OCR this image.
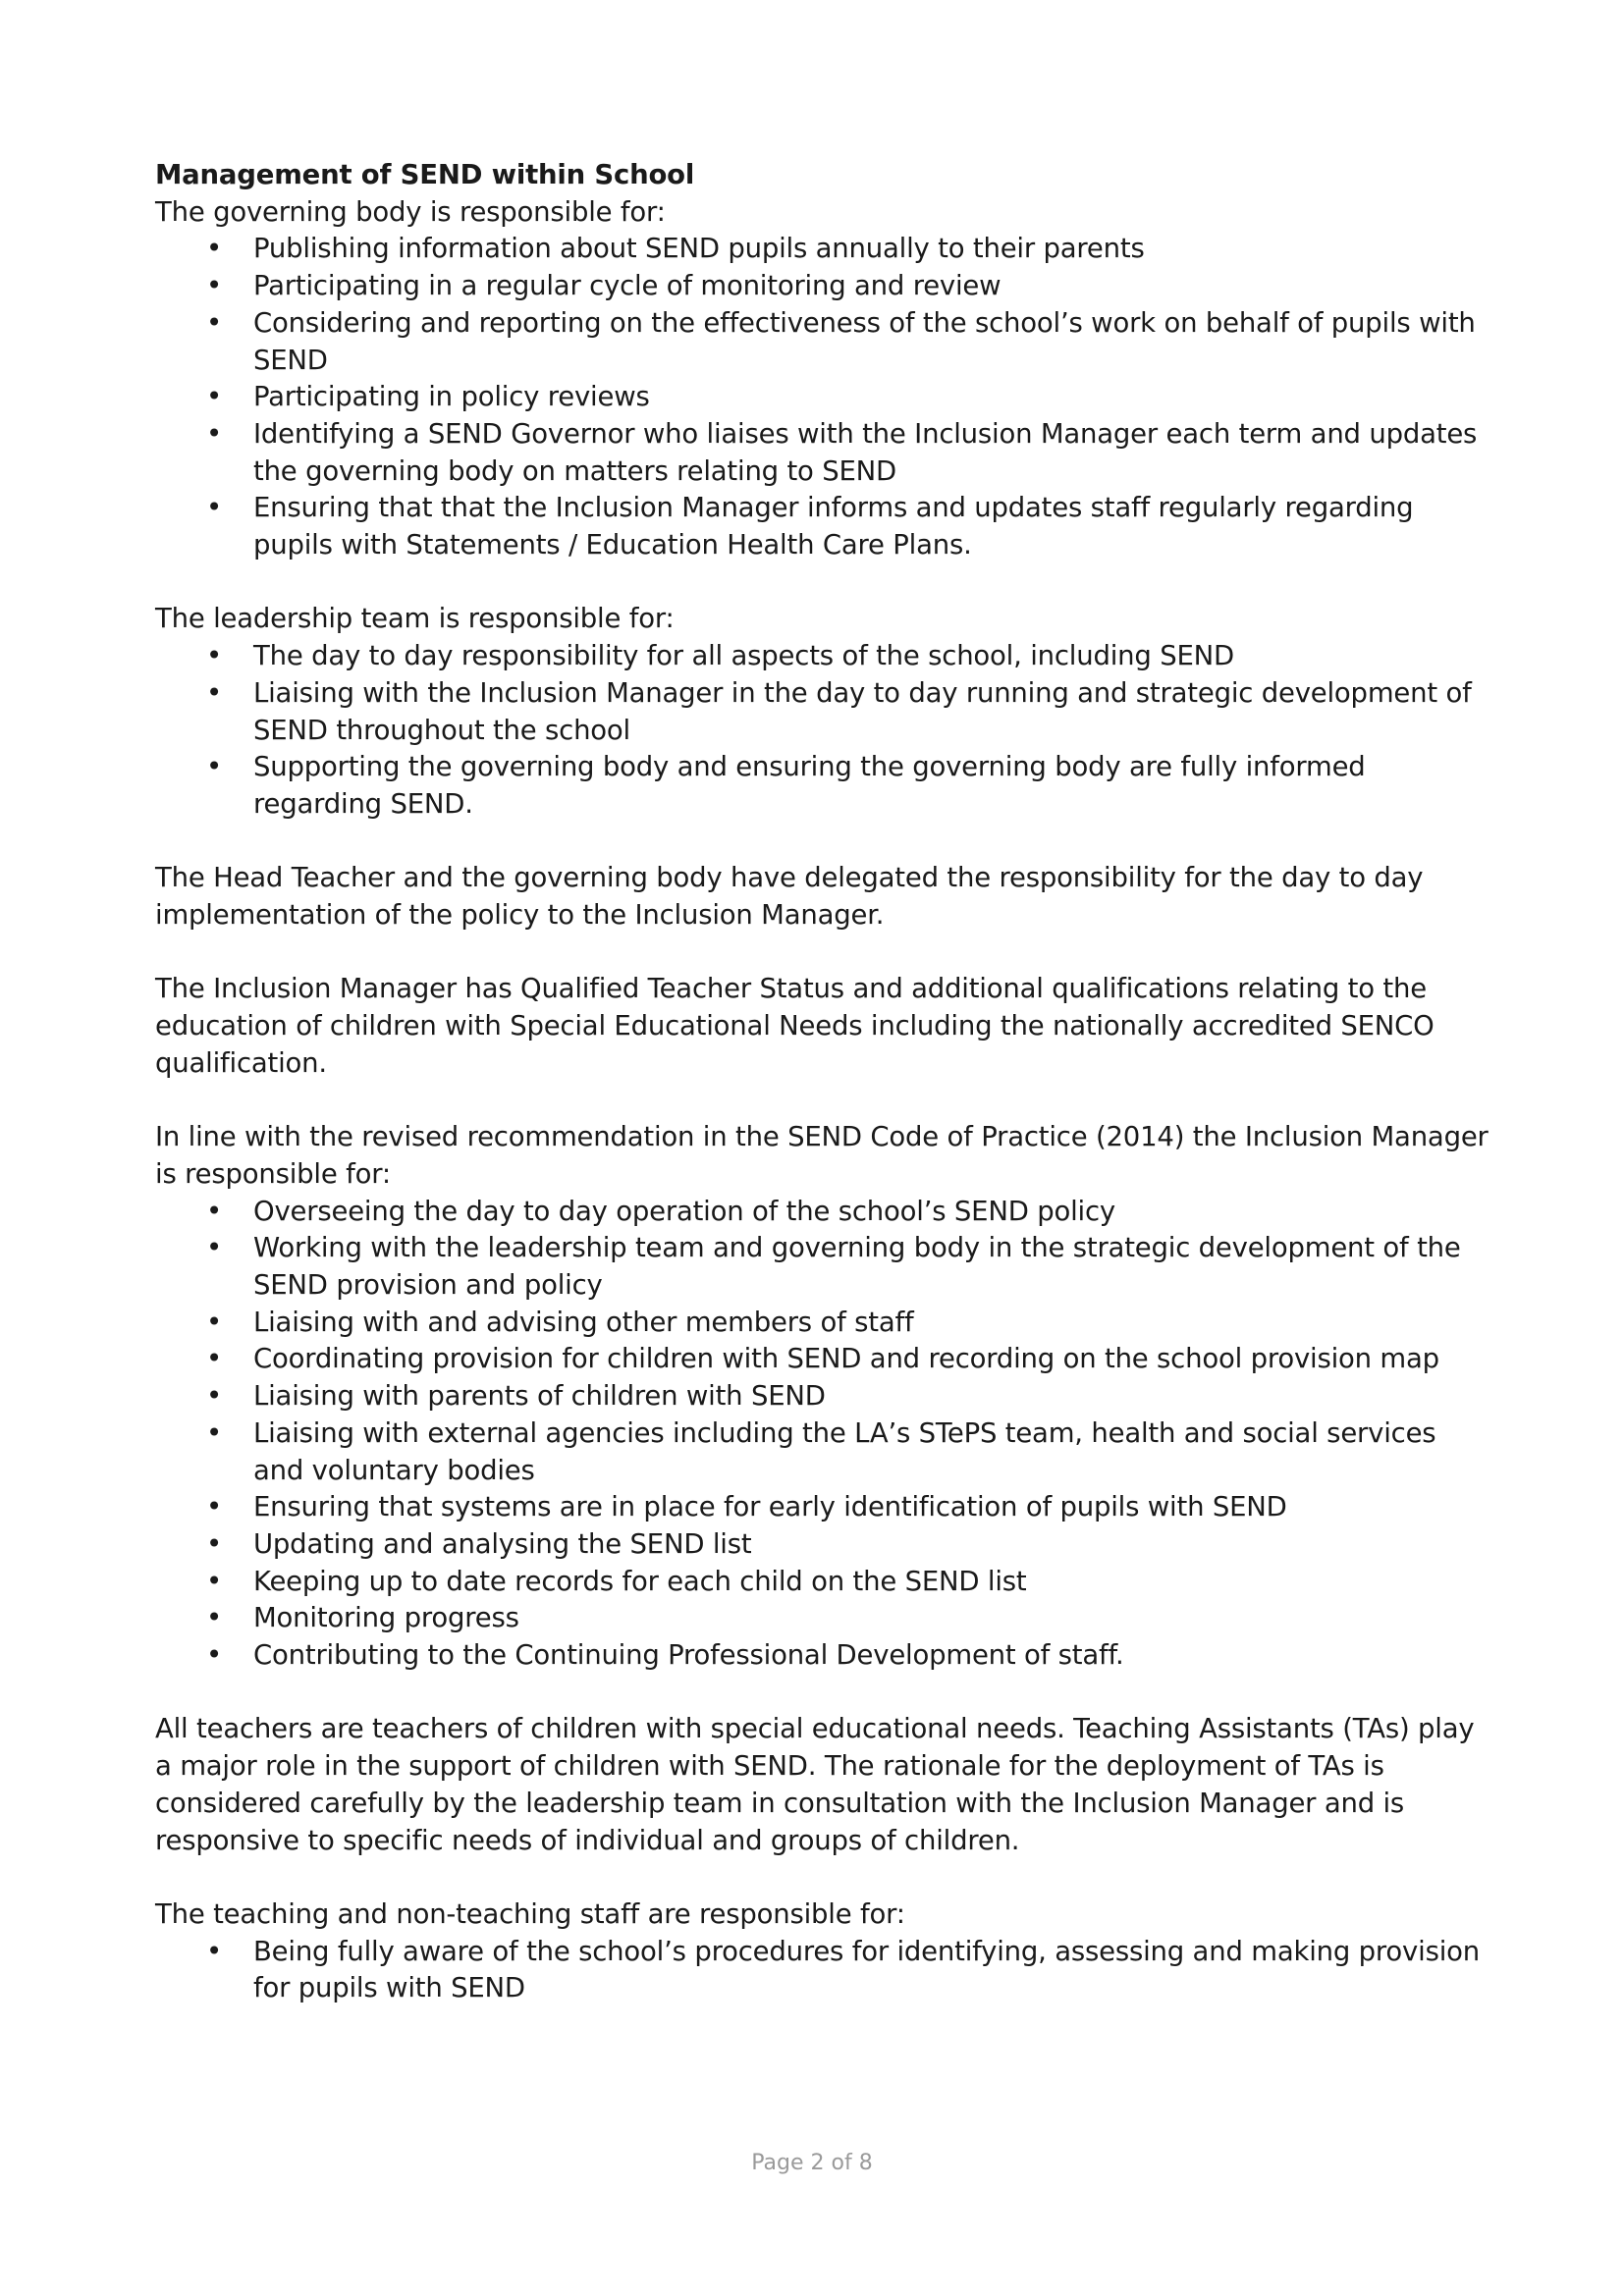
Management of SEND within School

The governing body is responsible for:

• Publishing information about SEND pupils annually to their parents
• Participating in a regular cycle of monitoring and review
• Considering and reporting on the effectiveness of the school’s work on behalf of pupils with SEND
• Participating in policy reviews
• Identifying a SEND Governor who liaises with the Inclusion Manager each term and updates the governing body on matters relating to SEND
• Ensuring that that the Inclusion Manager informs and updates staff regularly regarding pupils with Statements / Education Health Care Plans.

The leadership team is responsible for:

• The day to day responsibility for all aspects of the school, including SEND
• Liaising with the Inclusion Manager in the day to day running and strategic development of SEND throughout the school
• Supporting the governing body and ensuring the governing body are fully informed regarding SEND.

The Head Teacher and the governing body have delegated the responsibility for the day to day implementation of the policy to the Inclusion Manager.

The Inclusion Manager has Qualified Teacher Status and additional qualifications relating to the education of children with Special Educational Needs including the nationally accredited SENCO qualification.

In line with the revised recommendation in the SEND Code of Practice (2014) the Inclusion Manager is responsible for:

• Overseeing the day to day operation of the school’s SEND policy
• Working with the leadership team and governing body in the strategic development of the SEND provision and policy
• Liaising with and advising other members of staff
• Coordinating provision for children with SEND and recording on the school provision map
• Liaising with parents of children with SEND
• Liaising with external agencies including the LA’s STePS team, health and social services and voluntary bodies
• Ensuring that systems are in place for early identification of pupils with SEND
• Updating and analysing the SEND list
• Keeping up to date records for each child on the SEND list
• Monitoring progress
• Contributing to the Continuing Professional Development of staff.

All teachers are teachers of children with special educational needs. Teaching Assistants (TAs) play a major role in the support of children with SEND. The rationale for the deployment of TAs is considered carefully by the leadership team in consultation with the Inclusion Manager and is responsive to specific needs of individual and groups of children.

The teaching and non-teaching staff are responsible for:

• Being fully aware of the school’s procedures for identifying, assessing and making provision for pupils with SEND
Page 2 of 8
